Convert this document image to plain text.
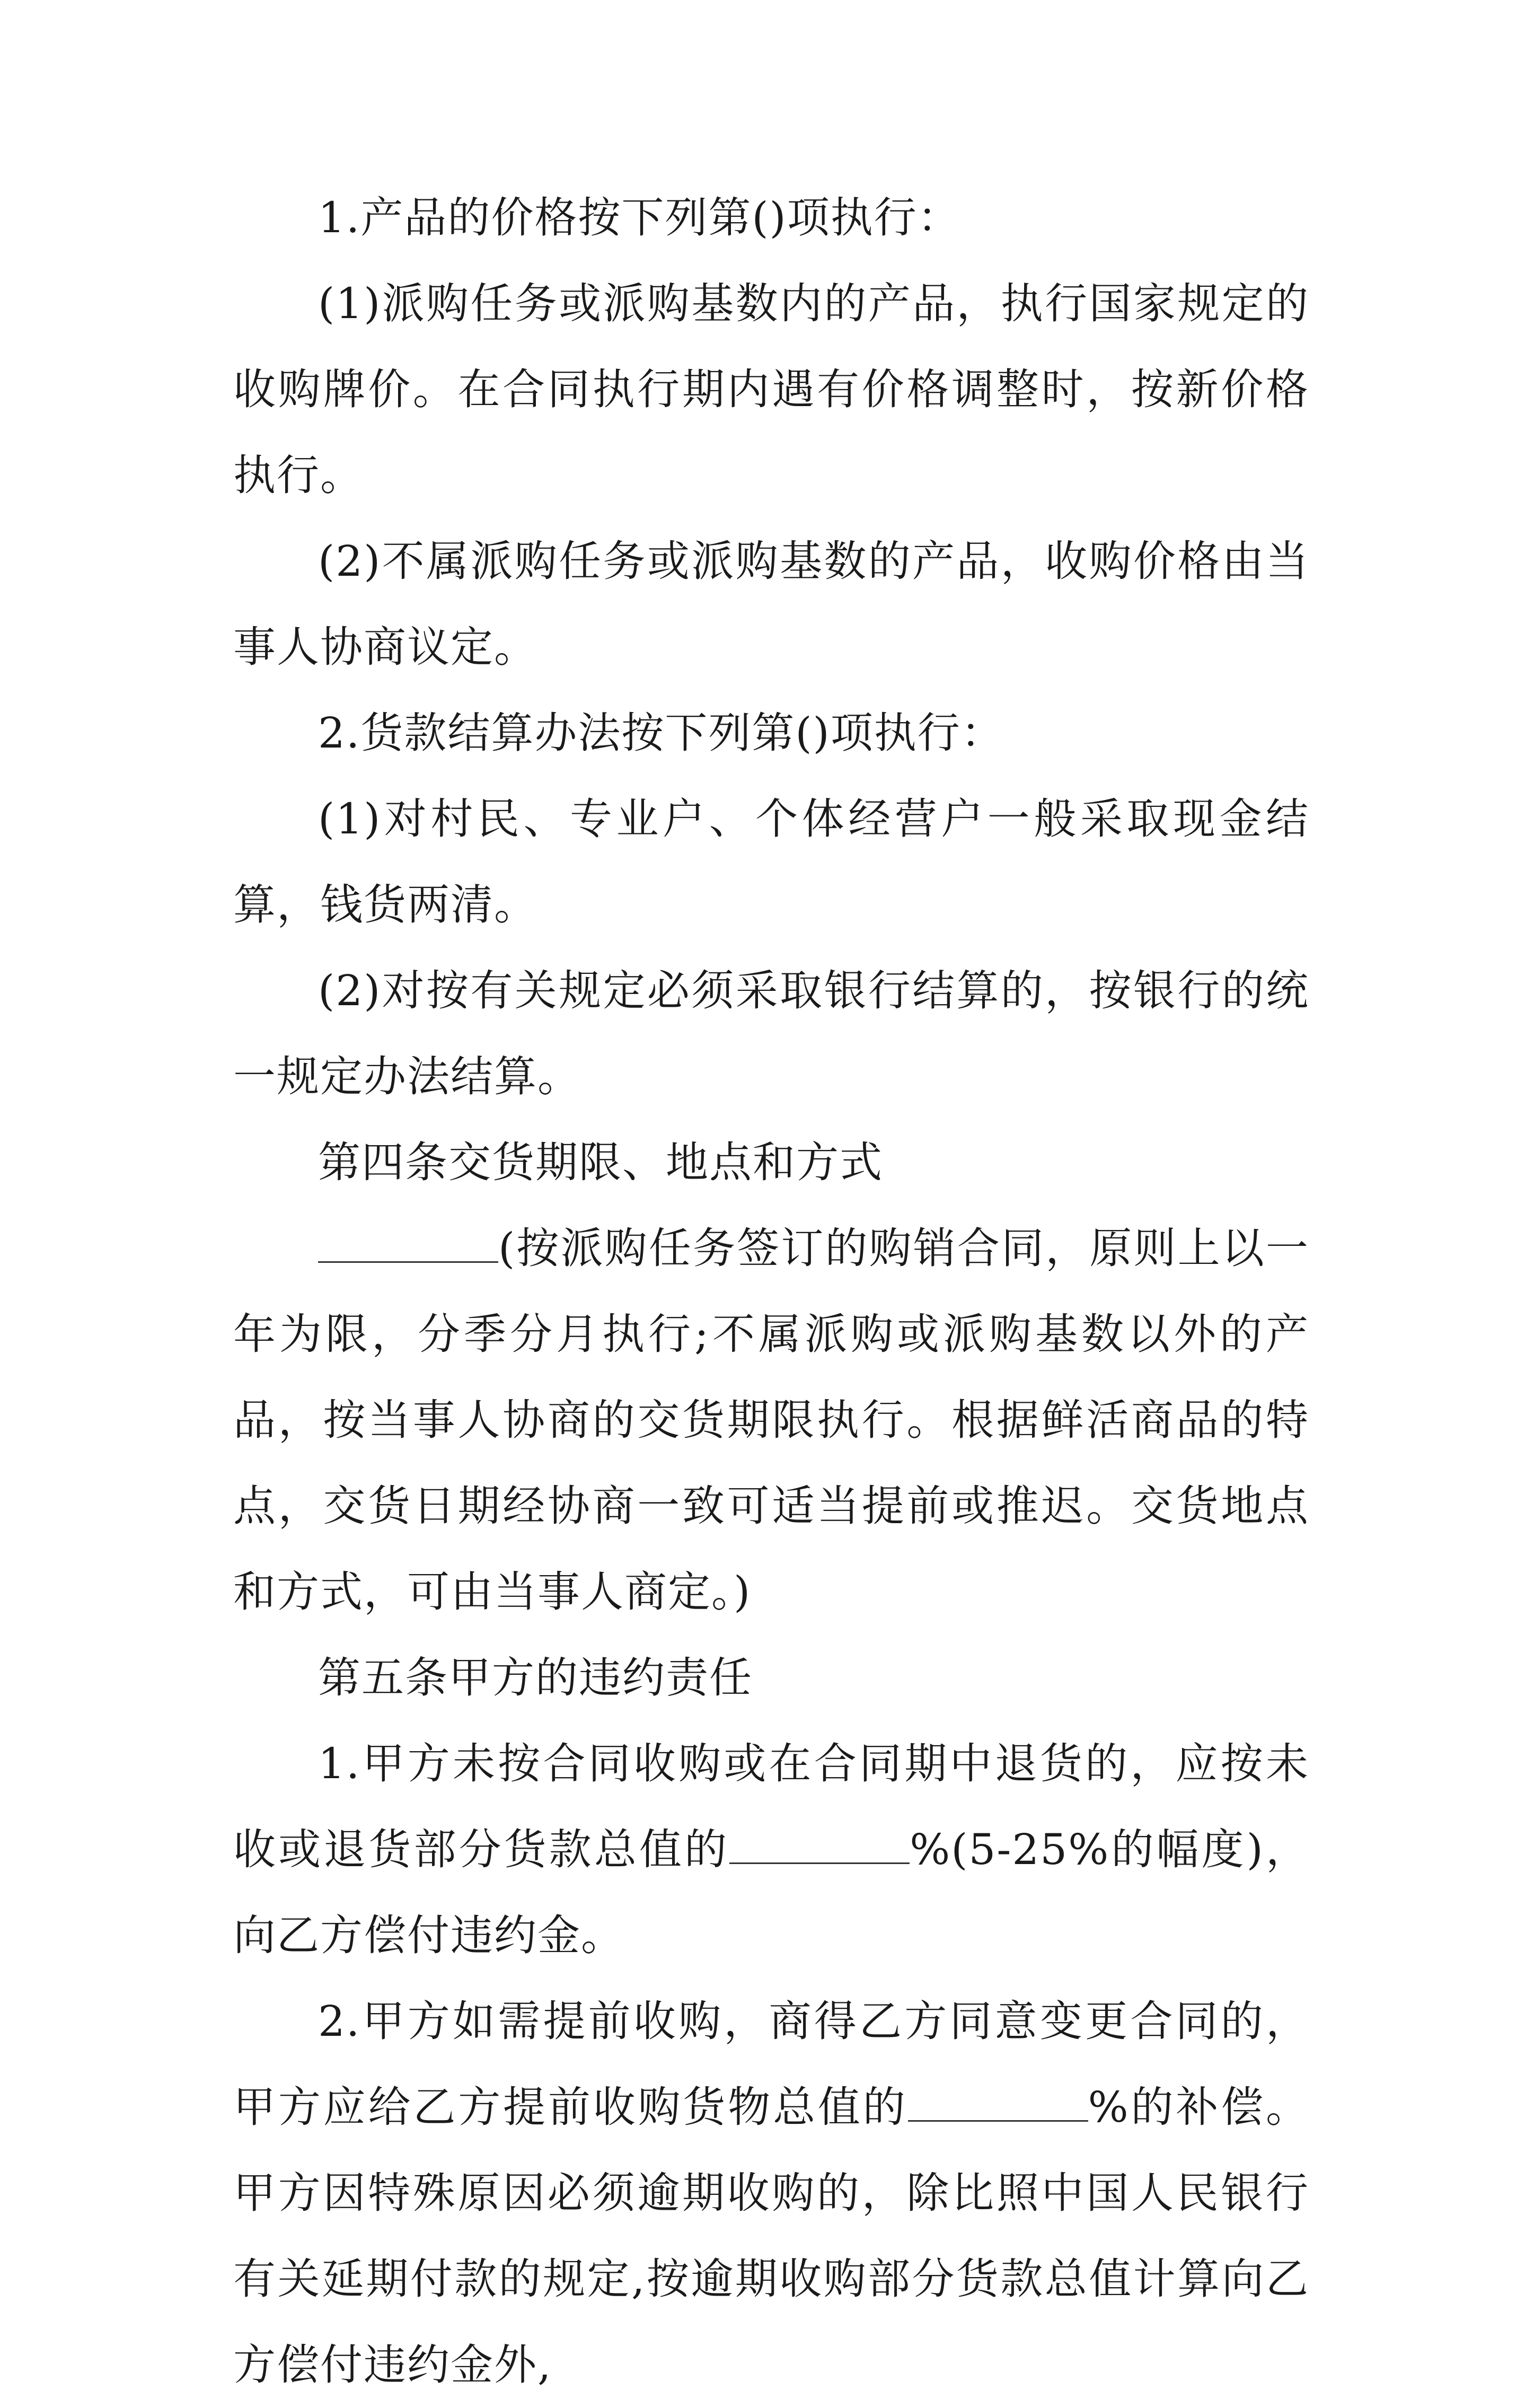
1.产品的价格按下列第()项执行：

(1)派购任务或派购基数内的产品，执行国家规定的收购牌价。在合同执行期内遇有价格调整时，按新价格执行。

(2)不属派购任务或派购基数的产品，收购价格由当事人协商议定。

2.货款结算办法按下列第()项执行：

(1)对村民、专业户、个体经营户一般采取现金结算，钱货两清。

(2)对按有关规定必须采取银行结算的，按银行的统一规定办法结算。

第四条交货期限、地点和方式

(按派购任务签订的购销合同，原则上以一年为限，分季分月执行;不属派购或派购基数以外的产品，按当事人协商的交货期限执行。根据鲜活商品的特点，交货日期经协商一致可适当提前或推迟。交货地点和方式，可由当事人商定。)

第五条甲方的违约责任

1.甲方未按合同收购或在合同期中退货的，应按未收或退货部分货款总值的	%(5-25%的幅度)，向乙方偿付违约金。

2.甲方如需提前收购，商得乙方同意变更合同的，甲方应给乙方提前收购货物总值的	%的补偿。甲方因特殊原因必须逾期收购的，除比照中国人民银行有关延期付款的规定,按逾期收购部分货款总值计算向乙方偿付违约金外,
